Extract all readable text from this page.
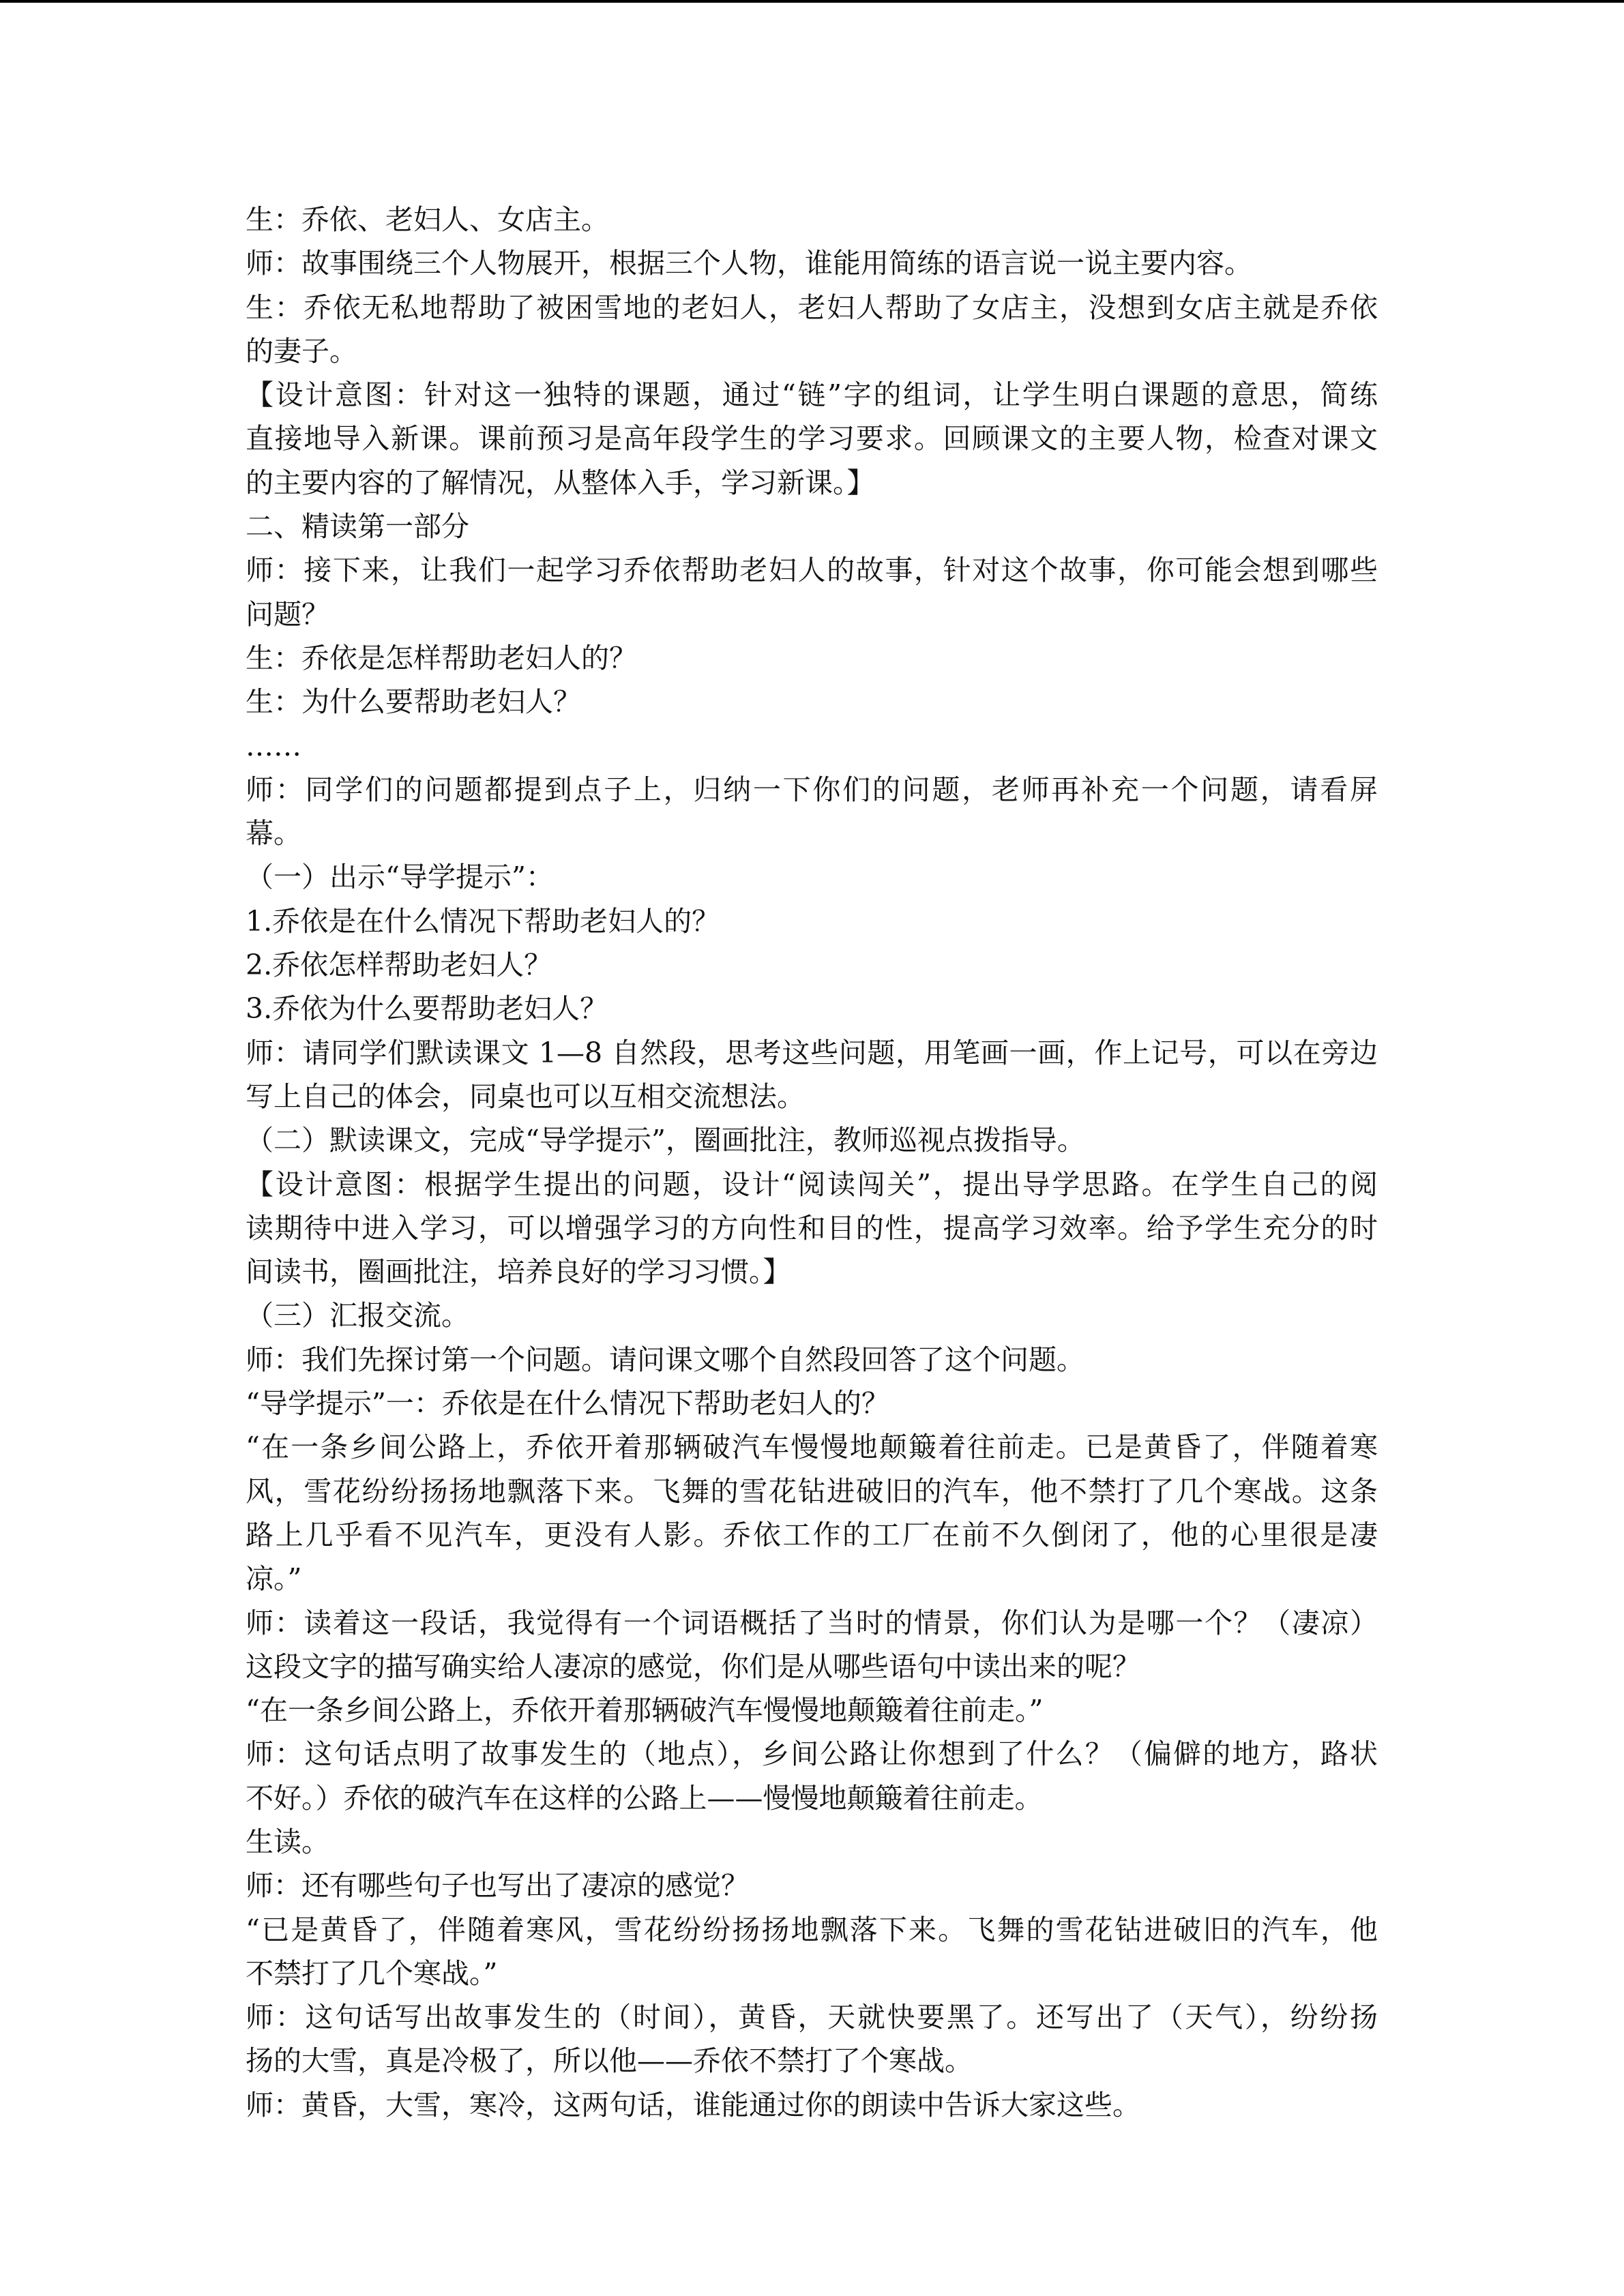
生：乔依、老妇人、女店主。
师：故事围绕三个人物展开，根据三个人物，谁能用简练的语言说一说主要内容。
生：乔依无私地帮助了被困雪地的老妇人，老妇人帮助了女店主，没想到女店主就是乔依
的妻子。
【设计意图：针对这一独特的课题，通过“链”字的组词，让学生明白课题的意思，简练
直接地导入新课。课前预习是高年段学生的学习要求。回顾课文的主要人物，检查对课文
的主要内容的了解情况，从整体入手，学习新课。】
二、精读第一部分
师：接下来，让我们一起学习乔依帮助老妇人的故事，针对这个故事，你可能会想到哪些
问题？
生：乔依是怎样帮助老妇人的？
生：为什么要帮助老妇人？
……
师：同学们的问题都提到点子上，归纳一下你们的问题，老师再补充一个问题，请看屏
幕。
（一）出示“导学提示”：
1.乔依是在什么情况下帮助老妇人的？
2.乔依怎样帮助老妇人？
3.乔依为什么要帮助老妇人？
师：请同学们默读课文 1—8 自然段，思考这些问题，用笔画一画，作上记号，可以在旁边
写上自己的体会，同桌也可以互相交流想法。
（二）默读课文，完成“导学提示”，圈画批注，教师巡视点拨指导。
【设计意图：根据学生提出的问题，设计“阅读闯关”，提出导学思路。在学生自己的阅
读期待中进入学习，可以增强学习的方向性和目的性，提高学习效率。给予学生充分的时
间读书，圈画批注，培养良好的学习习惯。】
（三）汇报交流。
师：我们先探讨第一个问题。请问课文哪个自然段回答了这个问题。
“导学提示”一：乔依是在什么情况下帮助老妇人的？
“在一条乡间公路上，乔依开着那辆破汽车慢慢地颠簸着往前走。已是黄昏了，伴随着寒
风，雪花纷纷扬扬地飘落下来。飞舞的雪花钻进破旧的汽车，他不禁打了几个寒战。这条
路上几乎看不见汽车，更没有人影。乔依工作的工厂在前不久倒闭了，他的心里很是凄
凉。”
师：读着这一段话，我觉得有一个词语概括了当时的情景，你们认为是哪一个？（凄凉）
这段文字的描写确实给人凄凉的感觉，你们是从哪些语句中读出来的呢？
“在一条乡间公路上，乔依开着那辆破汽车慢慢地颠簸着往前走。”
师：这句话点明了故事发生的（地点），乡间公路让你想到了什么？（偏僻的地方，路状
不好。）乔依的破汽车在这样的公路上——慢慢地颠簸着往前走。
生读。
师：还有哪些句子也写出了凄凉的感觉？
“已是黄昏了，伴随着寒风，雪花纷纷扬扬地飘落下来。飞舞的雪花钻进破旧的汽车，他
不禁打了几个寒战。”
师：这句话写出故事发生的（时间），黄昏，天就快要黑了。还写出了（天气），纷纷扬
扬的大雪，真是冷极了，所以他——乔依不禁打了个寒战。
师：黄昏，大雪，寒冷，这两句话，谁能通过你的朗读中告诉大家这些。
